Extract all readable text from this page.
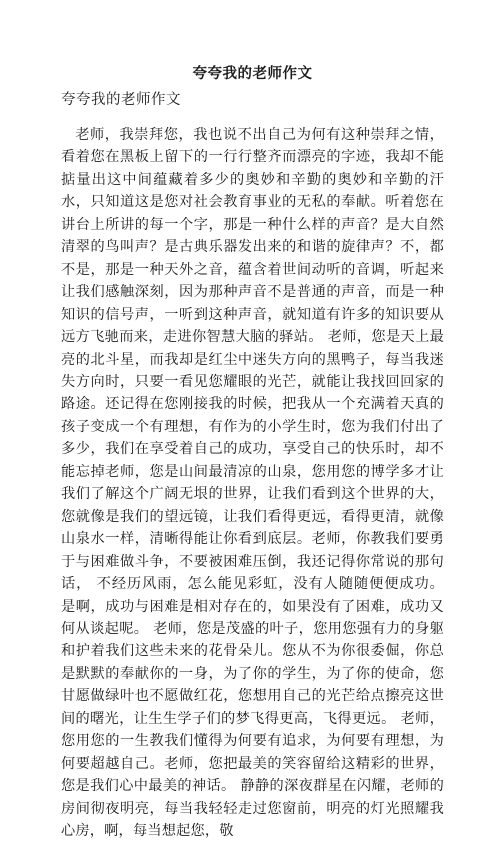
夸夸我的老师作文

夸夸我的老师作文

老师，我崇拜您，我也说不出自己为何有这种崇拜之情，看着您在黑板上留下的一行行整齐而漂亮的字迹，我却不能掂量出这中间蕴藏着多少的奥妙和辛勤的奥妙和辛勤的汗水，只知道这是您对社会教育事业的无私的奉献。听着您在讲台上所讲的每一个字，那是一种什么样的声音？是大自然清翠的鸟叫声？是古典乐器发出来的和谐的旋律声？不，都不是，那是一种天外之音，蕴含着世间动听的音调，听起来让我们感触深刻，因为那种声音不是普通的声音，而是一种知识的信号声，一听到这种声音，就知道有许多的知识要从远方飞驰而来，走进你智慧大脑的驿站。 老师，您是天上最亮的北斗星，而我却是红尘中迷失方向的黑鸭子，每当我迷失方向时，只要一看见您耀眼的光芒，就能让我找回回家的路途。还记得在您刚接我的时候，把我从一个充满着天真的孩子变成一个有理想，有作为的小学生时，您为我们付出了多少，我们在享受着自己的成功，享受自己的快乐时，却不能忘掉老师，您是山间最清凉的山泉，您用您的博学多才让我们了解这个广阔无垠的世界，让我们看到这个世界的大，您就像是我们的望远镜，让我们看得更远，看得更清，就像山泉水一样，清晰得能让你看到底层。老师，你教我们要勇于与困难做斗争，不要被困难压倒，我还记得你常说的那句话， 不经历风雨，怎么能见彩虹，没有人随随便便成功。 是啊，成功与困难是相对存在的，如果没有了困难，成功又何从谈起呢。 老师，您是茂盛的叶子，您用您强有力的身躯和护着我们这些未来的花骨朵儿。您从不为你很委倔，你总是默默的奉献你的一身，为了你的学生，为了你的使命，您甘愿做绿叶也不愿做红花，您想用自己的光芒给点擦亮这世间的曙光，让生生学子们的梦飞得更高，飞得更远。 老师，您用您的一生教我们懂得为何要有追求，为何要有理想，为何要超越自己。老师，您把最美的笑容留给这精彩的世界，您是我们心中最美的神话。 静静的深夜群星在闪耀，老师的房间彻夜明亮，每当我轻轻走过您窗前，明亮的灯光照耀我心房，啊，每当想起您，敬
